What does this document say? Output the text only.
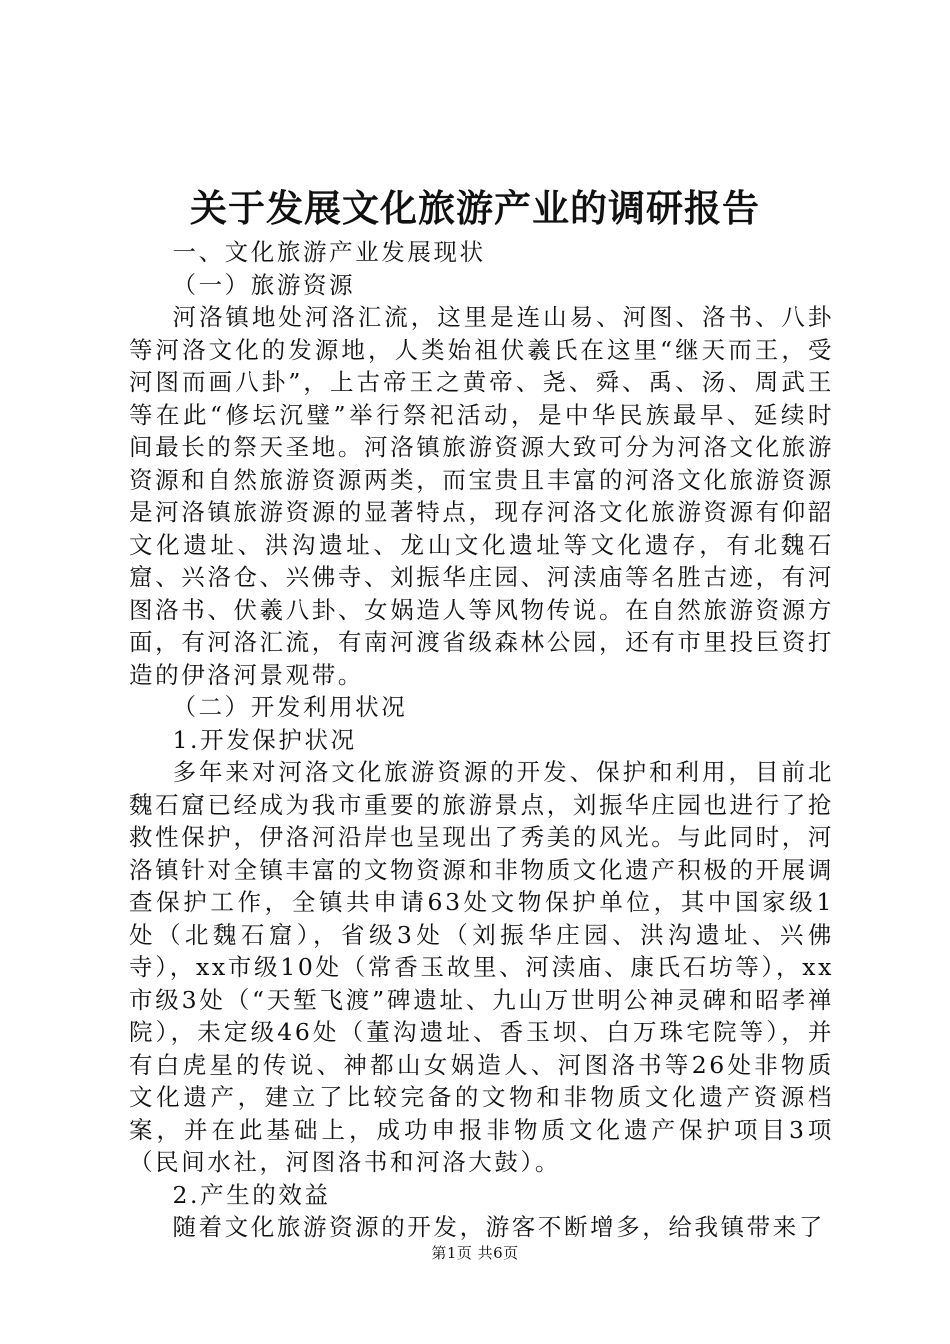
关于发展文化旅游产业的调研报告

一、文化旅游产业发展现状

（一）旅游资源

河洛镇地处河洛汇流，这里是连山易、河图、洛书、八卦等河洛文化的发源地，人类始祖伏羲氏在这里“继天而王，受河图而画八卦”，上古帝王之黄帝、尧、舜、禹、汤、周武王等在此“修坛沉璧”举行祭祀活动，是中华民族最早、延续时间最长的祭天圣地。河洛镇旅游资源大致可分为河洛文化旅游资源和自然旅游资源两类，而宝贵且丰富的河洛文化旅游资源是河洛镇旅游资源的显著特点，现存河洛文化旅游资源有仰韶文化遗址、洪沟遗址、龙山文化遗址等文化遗存，有北魏石窟、兴洛仓、兴佛寺、刘振华庄园、河渎庙等名胜古迹，有河图洛书、伏羲八卦、女娲造人等风物传说。在自然旅游资源方面，有河洛汇流，有南河渡省级森林公园，还有市里投巨资打造的伊洛河景观带。

（二）开发利用状况

1.开发保护状况

多年来对河洛文化旅游资源的开发、保护和利用，目前北魏石窟已经成为我市重要的旅游景点，刘振华庄园也进行了抢救性保护，伊洛河沿岸也呈现出了秀美的风光。与此同时，河洛镇针对全镇丰富的文物资源和非物质文化遗产积极的开展调查保护工作，全镇共申请63处文物保护单位，其中国家级1处（北魏石窟），省级3处（刘振华庄园、洪沟遗址、兴佛寺），xx市级10处（常香玉故里、河渎庙、康氏石坊等），xx市级3处（“天堑飞渡”碑遗址、九山万世明公神灵碑和昭孝禅院），未定级46处（董沟遗址、香玉坝、白万珠宅院等），并有白虎星的传说、神都山女娲造人、河图洛书等26处非物质文化遗产，建立了比较完备的文物和非物质文化遗产资源档案，并在此基础上，成功申报非物质文化遗产保护项目3项（民间水社，河图洛书和河洛大鼓）。

2.产生的效益

随着文化旅游资源的开发，游客不断增多，给我镇带来了

第1页 共6页
